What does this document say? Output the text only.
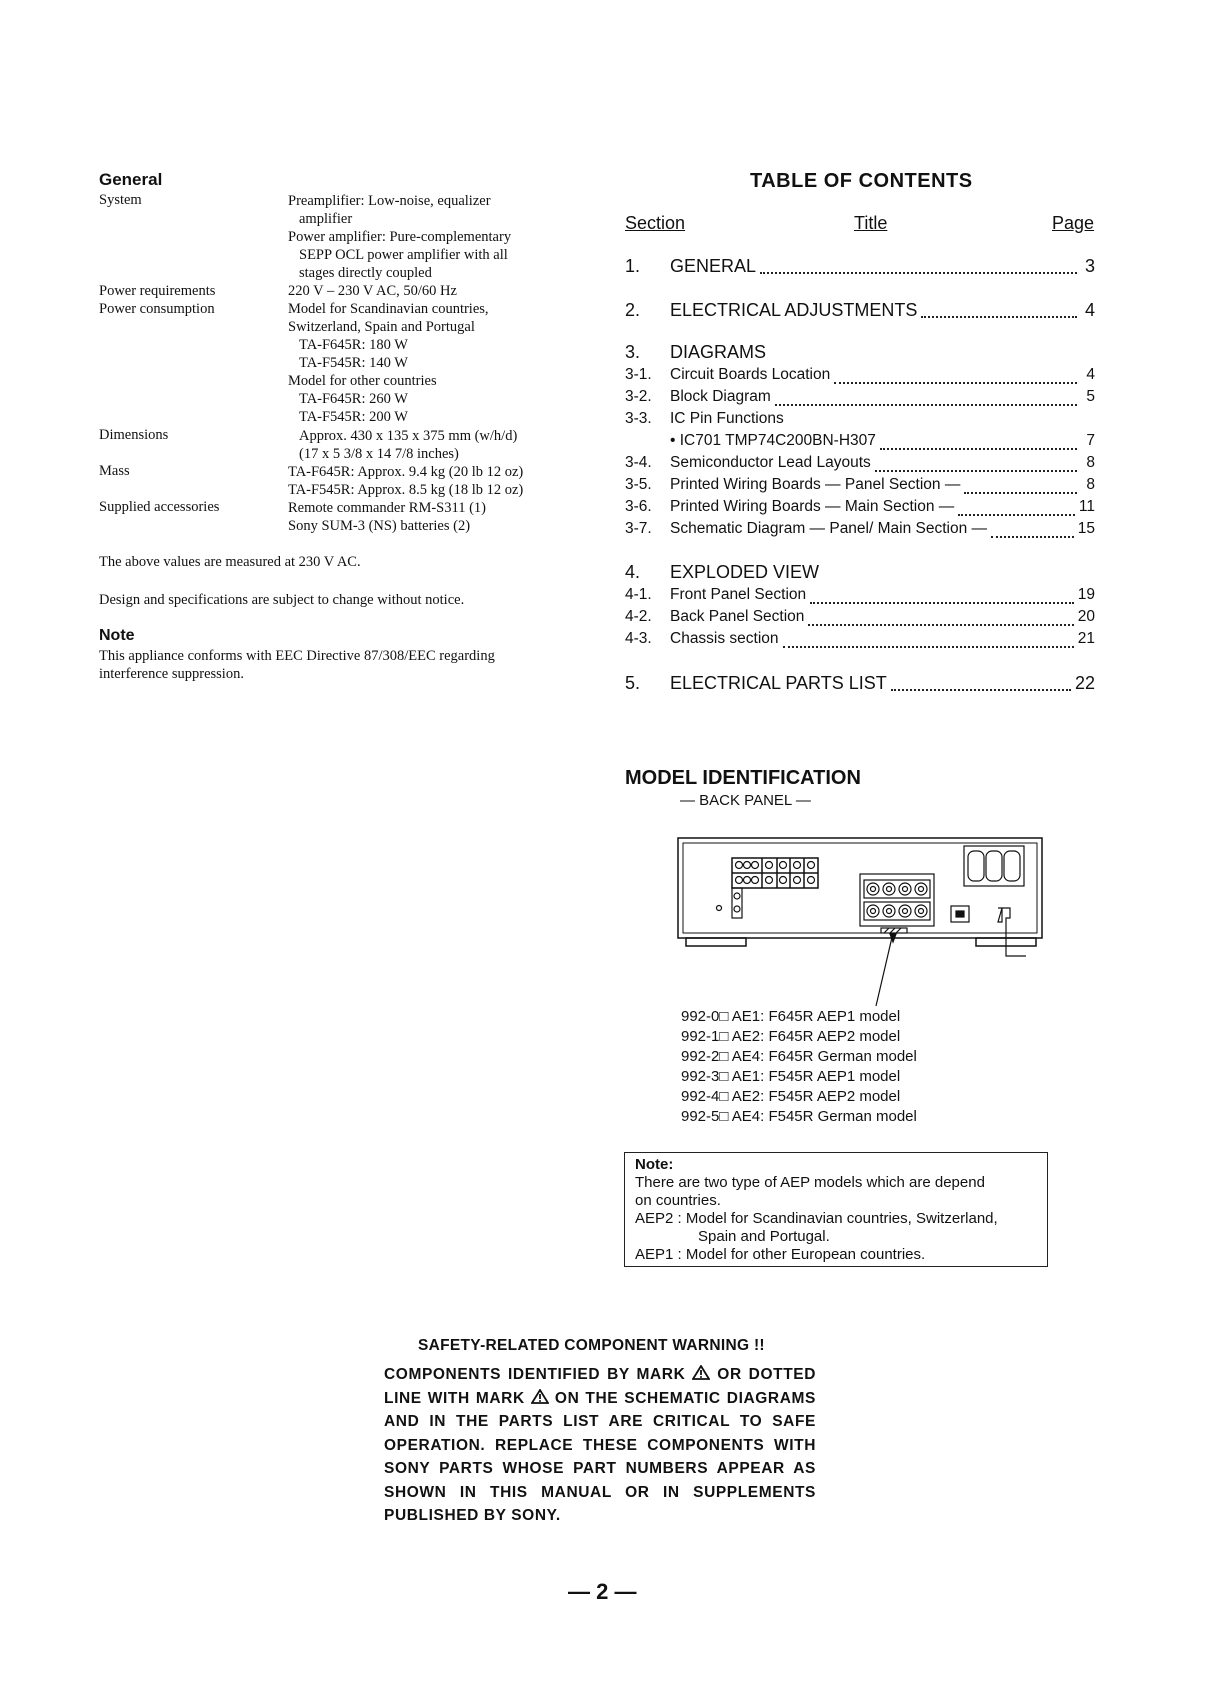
General
System	Preamplifier: Low-noise, equalizer
amplifier
Power amplifier: Pure-complementary
SEPP OCL power amplifier with all
stages directly coupled
Power requirements	220 V – 230 V AC, 50/60 Hz
Power consumption	Model for Scandinavian countries,
Switzerland, Spain and Portugal
TA-F645R: 180 W
TA-F545R: 140 W
Model for other countries
TA-F645R: 260 W
TA-F545R: 200 W
Dimensions	Approx. 430 x 135 x 375 mm (w/h/d)
(17 x 5 3/8 x 14 7/8 inches)
Mass	TA-F645R: Approx. 9.4 kg (20 lb 12 oz)
TA-F545R: Approx. 8.5 kg (18 lb 12 oz)
Supplied accessories	Remote commander RM-S311 (1)
Sony SUM-3 (NS) batteries (2)
The above values are measured at 230 V AC.
Design and specifications are subject to change without notice.
Note
This appliance conforms with EEC Directive 87/308/EEC regarding
interference suppression.
TABLE OF CONTENTS
Section	Title	Page
1.	GENERAL	3
2.	ELECTRICAL ADJUSTMENTS	4
3.	DIAGRAMS
3-1.	Circuit Boards Location	4
3-2.	Block Diagram	5
3-3.	IC Pin Functions
• IC701 TMP74C200BN-H307	7
3-4.	Semiconductor Lead Layouts	8
3-5.	Printed Wiring Boards — Panel Section —	8
3-6.	Printed Wiring Boards — Main Section —	11
3-7.	Schematic Diagram — Panel/ Main Section —	15
4.	EXPLODED VIEW
4-1.	Front Panel Section	19
4-2.	Back Panel Section	20
4-3.	Chassis section	21
5.	ELECTRICAL PARTS LIST	22
MODEL IDENTIFICATION
— BACK PANEL —
992-0□ AE1: F645R AEP1 model
992-1□ AE2: F645R AEP2 model
992-2□ AE4: F645R German model
992-3□ AE1: F545R AEP1 model
992-4□ AE2: F545R AEP2 model
992-5□ AE4: F545R German model
Note:
There are two type of AEP models which are depend
on countries.
AEP2 : Model for Scandinavian countries, Switzerland,
Spain and Portugal.
AEP1 : Model for other European countries.
SAFETY-RELATED COMPONENT WARNING !!
COMPONENTS IDENTIFIED BY MARK OR DOTTED LINE WITH MARK ON THE SCHEMATIC DIAGRAMS AND IN THE PARTS LIST ARE CRITICAL TO SAFE OPERATION. REPLACE THESE COMPONENTS WITH SONY PARTS WHOSE PART NUMBERS APPEAR AS SHOWN IN THIS MANUAL OR IN SUPPLEMENTS PUBLISHED BY SONY.
— 2 —
